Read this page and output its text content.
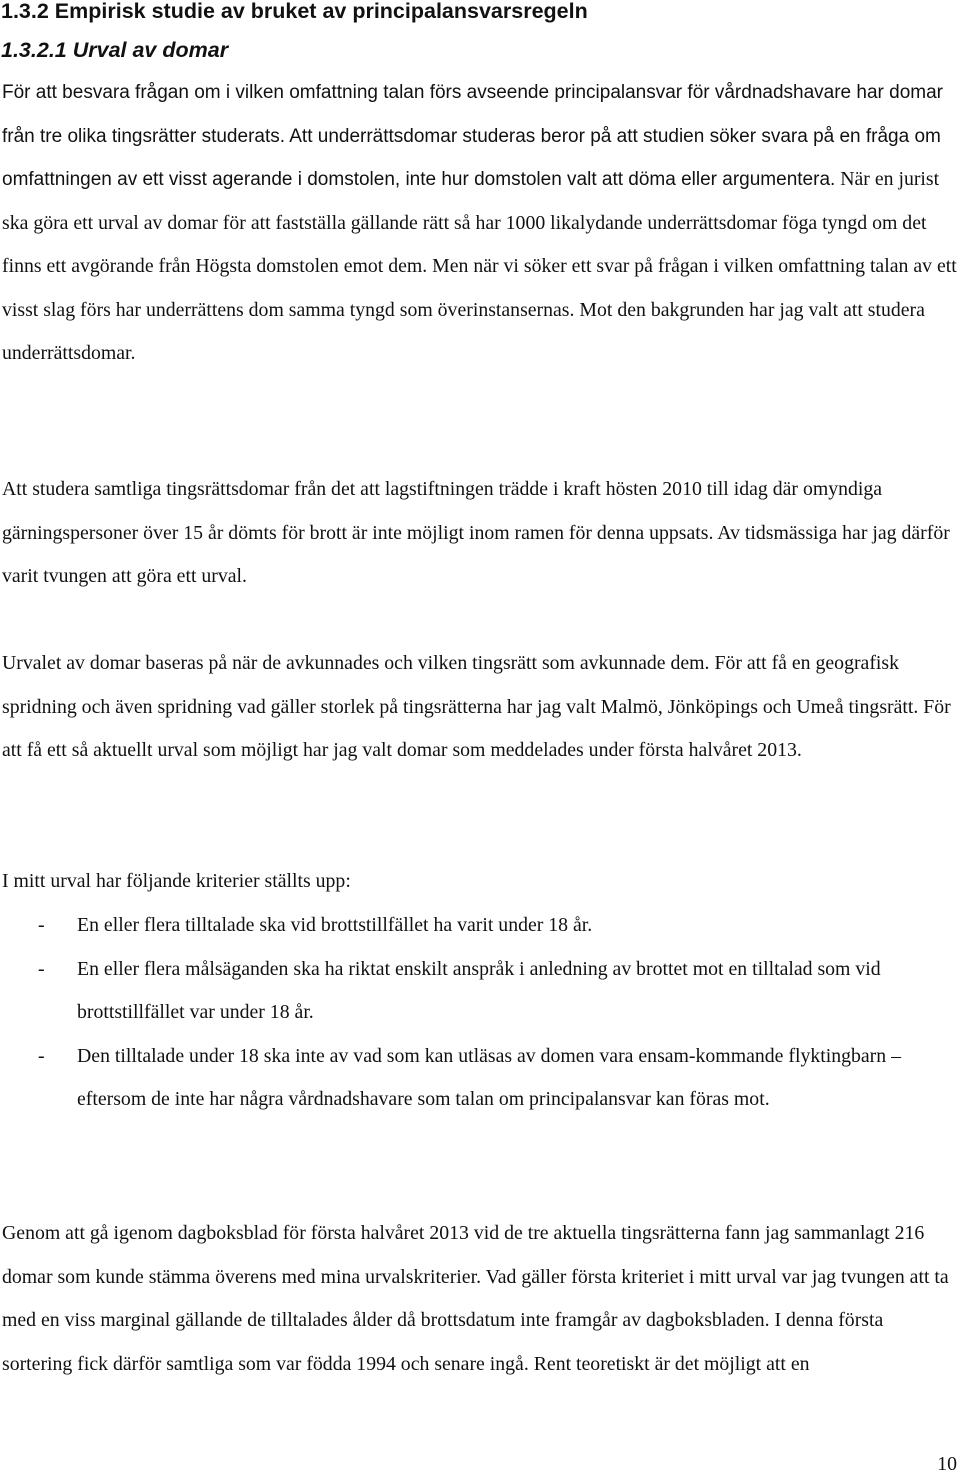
1.3.2 Empirisk studie av bruket av principalansvarsregeln
1.3.2.1 Urval av domar

För att besvara frågan om i vilken omfattning talan förs avseende principalansvar för vårdnadshavare har domar från tre olika tingsrätter studerats. Att underrättsdomar studeras beror på att studien söker svara på en fråga om omfattningen av ett visst agerande i domstolen, inte hur domstolen valt att döma eller argumentera. När en jurist ska göra ett urval av domar för att fastställa gällande rätt så har 1000 likalydande underrättsdomar föga tyngd om det finns ett avgörande från Högsta domstolen emot dem. Men när vi söker ett svar på frågan i vilken omfattning talan av ett visst slag förs har underrättens dom samma tyngd som överinstansernas. Mot den bakgrunden har jag valt att studera underrättsdomar.

Att studera samtliga tingsrättsdomar från det att lagstiftningen trädde i kraft hösten 2010 till idag där omyndiga gärningspersoner över 15 år dömts för brott är inte möjligt inom ramen för denna uppsats. Av tidsmässiga har jag därför varit tvungen att göra ett urval.

Urvalet av domar baseras på när de avkunnades och vilken tingsrätt som avkunnade dem. För att få en geografisk spridning och även spridning vad gäller storlek på tingsrätterna har jag valt Malmö, Jönköpings och Umeå tingsrätt. För att få ett så aktuellt urval som möjligt har jag valt domar som meddelades under första halvåret 2013.

I mitt urval har följande kriterier ställts upp:

- En eller flera tilltalade ska vid brottstillfället ha varit under 18 år.
- En eller flera målsäganden ska ha riktat enskilt anspråk i anledning av brottet mot en tilltalad som vid brottstillfället var under 18 år.
- Den tilltalade under 18 ska inte av vad som kan utläsas av domen vara ensam-kommande flyktingbarn – eftersom de inte har några vårdnadshavare som talan om principalansvar kan föras mot.

Genom att gå igenom dagboksblad för första halvåret 2013 vid de tre aktuella tingsrätterna fann jag sammanlagt 216 domar som kunde stämma överens med mina urvalskriterier. Vad gäller första kriteriet i mitt urval var jag tvungen att ta med en viss marginal gällande de tilltalades ålder då brottsdatum inte framgår av dagboksbladen. I denna första sortering fick därför samtliga som var födda 1994 och senare ingå. Rent teoretiskt är det möjligt att en

10
